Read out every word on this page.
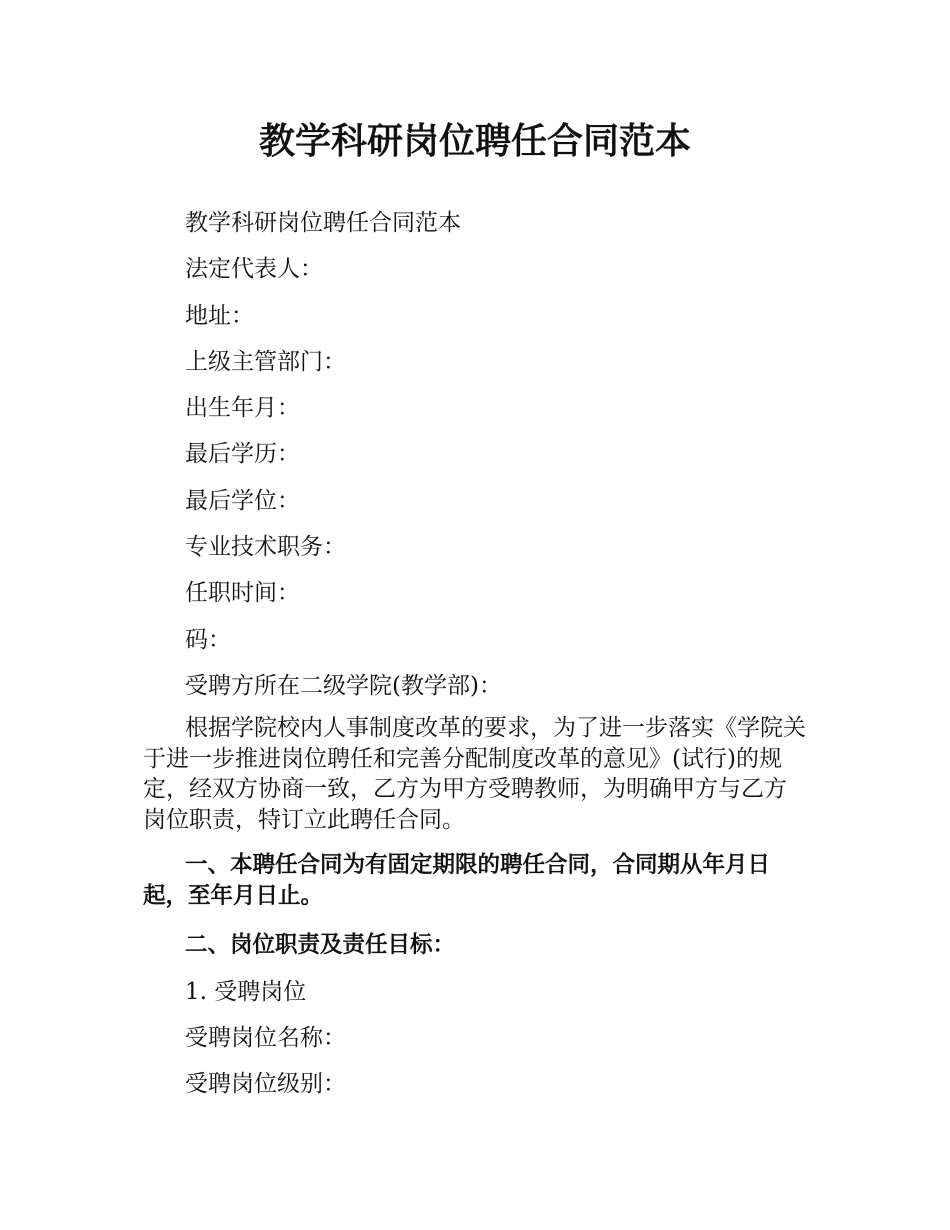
教学科研岗位聘任合同范本

教学科研岗位聘任合同范本

法定代表人：

地址：

上级主管部门：

出生年月：

最后学历：

最后学位：

专业技术职务：

任职时间：

码：

受聘方所在二级学院(教学部)：

根据学院校内人事制度改革的要求，为了进一步落实《学院关于进一步推进岗位聘任和完善分配制度改革的意见》(试行)的规定，经双方协商一致，乙方为甲方受聘教师，为明确甲方与乙方岗位职责，特订立此聘任合同。

一、本聘任合同为有固定期限的聘任合同，合同期从年月日起，至年月日止。

二、岗位职责及责任目标：

1. 受聘岗位

受聘岗位名称：

受聘岗位级别：
